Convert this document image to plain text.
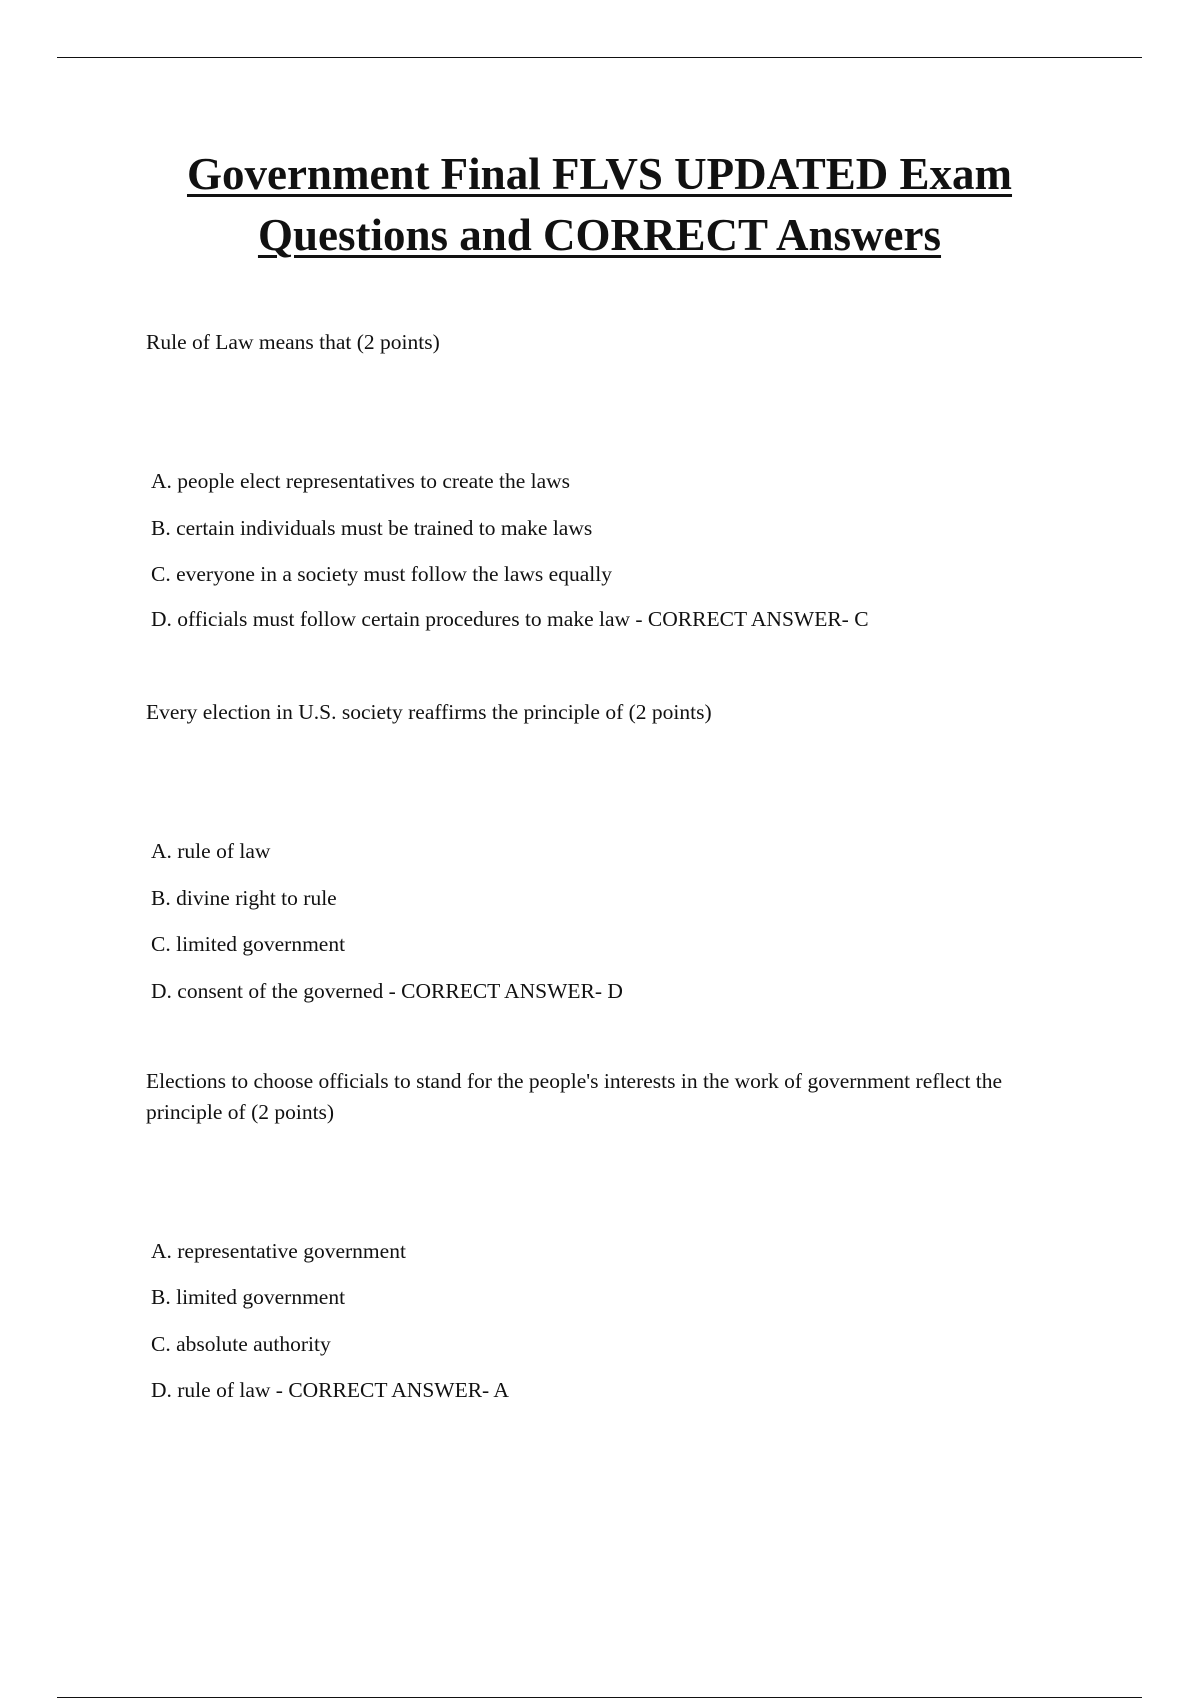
Government Final FLVS UPDATED Exam
Questions and CORRECT Answers
Rule of Law means that (2 points)
A. people elect representatives to create the laws
B. certain individuals must be trained to make laws
C. everyone in a society must follow the laws equally
D. officials must follow certain procedures to make law - CORRECT ANSWER- C
Every election in U.S. society reaffirms the principle of (2 points)
A. rule of law
B. divine right to rule
C. limited government
D. consent of the governed - CORRECT ANSWER- D
Elections to choose officials to stand for the people's interests in the work of government reflect the principle of (2 points)
A. representative government
B. limited government
C. absolute authority
D. rule of law - CORRECT ANSWER- A
